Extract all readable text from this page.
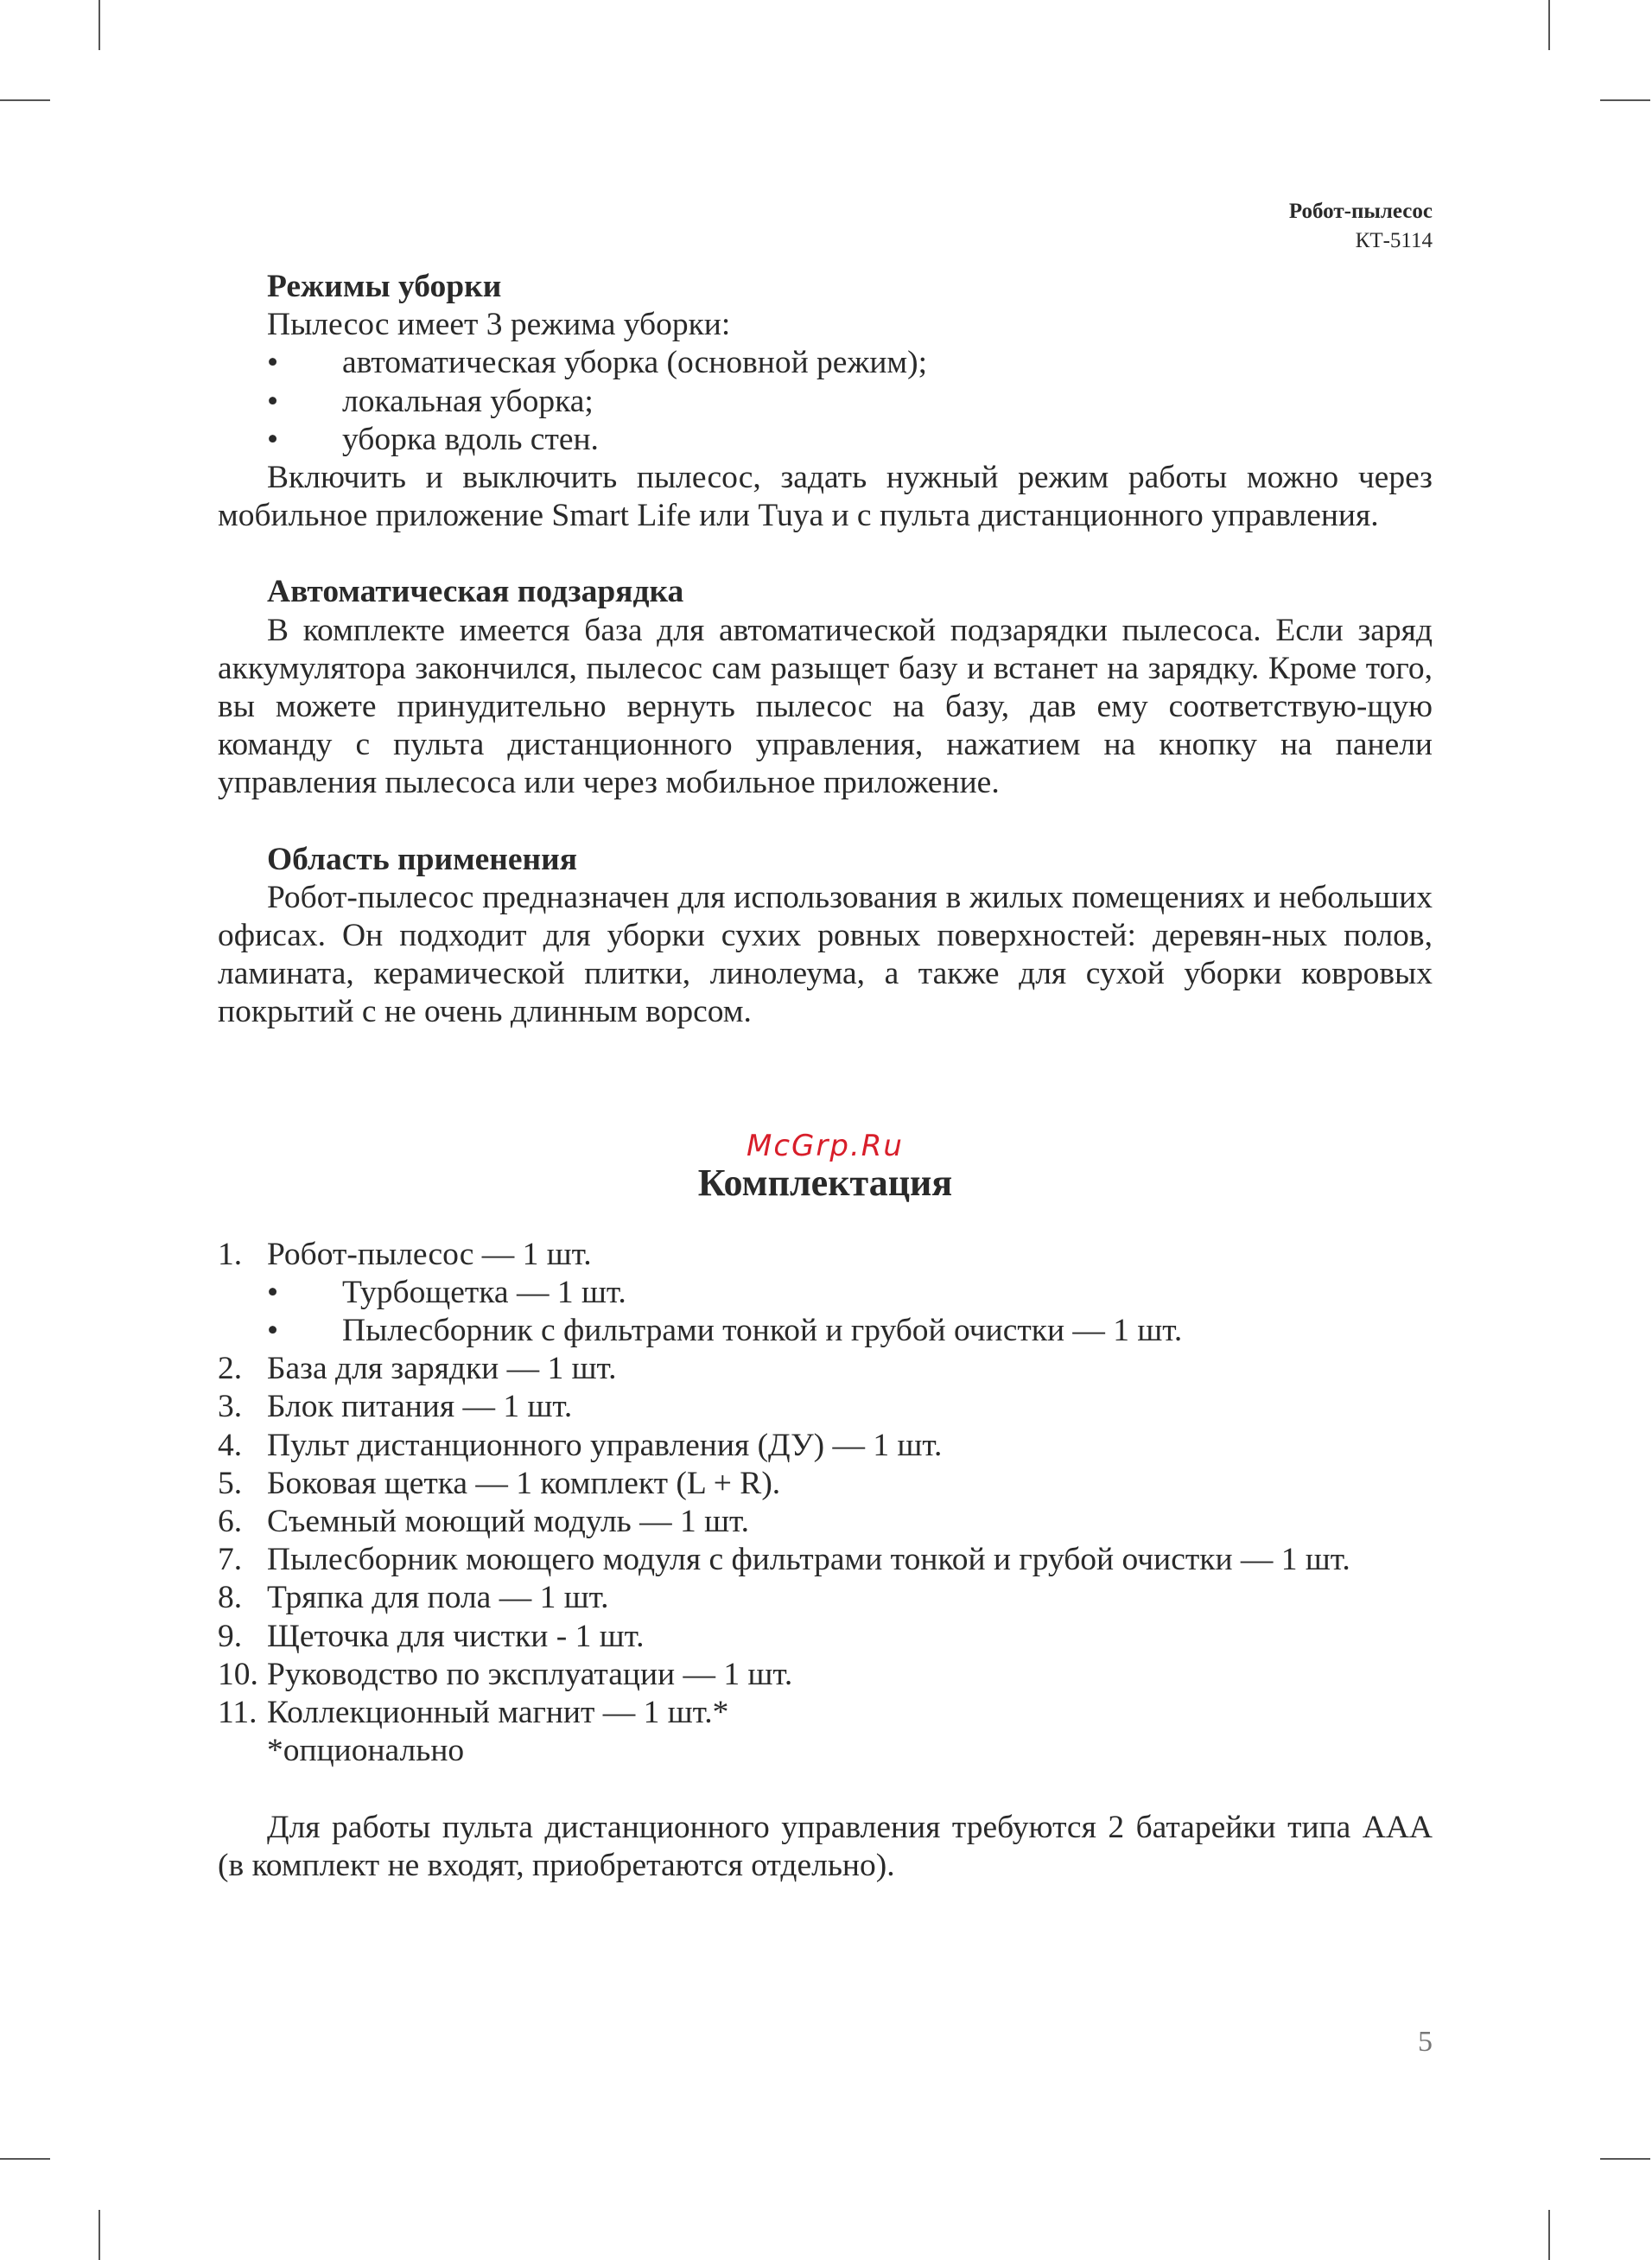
Робот-пылесос
КТ-5114
Режимы уборки
Пылесос имеет 3 режима уборки:
•	автоматическая уборка (основной режим);
•	локальная уборка;
•	уборка вдоль стен.

Включить и выключить пылесос, задать нужный режим работы можно через мобильное приложение Smart Life или Tuya и с пульта дистанционного управления.

Автоматическая подзарядка

В комплекте имеется база для автоматической подзарядки пылесоса. Если заряд аккумулятора закончился, пылесос сам разыщет базу и встанет на зарядку. Кроме того, вы можете принудительно вернуть пылесос на базу, дав ему соответствую-щую команду с пульта дистанционного управления, нажатием на кнопку на панели управления пылесоса или через мобильное приложение.

Область применения

Робот-пылесос предназначен для использования в жилых помещениях и небольших офисах. Он подходит для уборки сухих ровных поверхностей: деревян-ных полов, ламината, керамической плитки, линолеума, а также для сухой уборки ковровых покрытий с не очень длинным ворсом.

McGrp.Ru
Комплектация
1. Робот-пылесос — 1 шт.
•	Турбощетка — 1 шт.
•	Пылесборник с фильтрами тонкой и грубой очистки — 1 шт.
2. База для зарядки — 1 шт.
3. Блок питания — 1 шт.
4. Пульт дистанционного управления (ДУ) — 1 шт.
5. Боковая щетка — 1 комплект (L + R).
6. Съемный моющий модуль — 1 шт.
7. Пылесборник моющего модуля с фильтрами тонкой и грубой очистки — 1 шт.
8. Тряпка для пола — 1 шт.
9. Щеточка для чистки - 1 шт.
10. Руководство по эксплуатации — 1 шт.
11. Коллекционный магнит — 1 шт.*
*опционально

Для работы пульта дистанционного управления требуются 2 батарейки типа ААА (в комплект не входят, приобретаются отдельно).

5
